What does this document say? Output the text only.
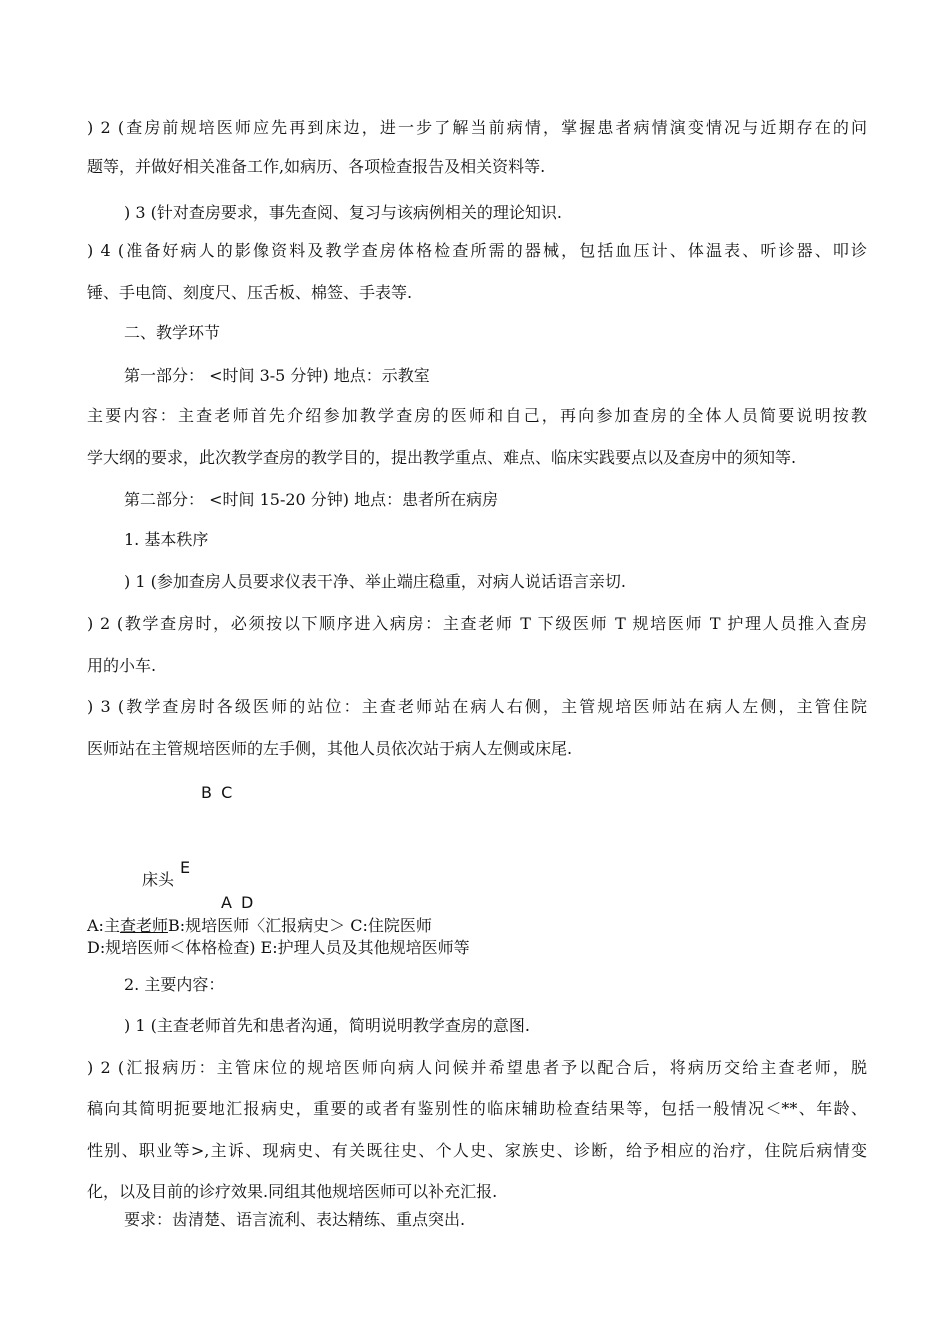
) 2 (查房前规培医师应先再到床边，进一步了解当前病情，掌握患者病情演变情况与近期存在的问
题等，并做好相关准备工作,如病历、各项检查报告及相关资料等.
) 3 (针对查房要求，事先查阅、复习与该病例相关的理论知识.
) 4 (准备好病人的影像资料及教学查房体格检查所需的器械，包括血压计、体温表、听诊器、叩诊
锤、手电筒、刻度尺、压舌板、棉签、手表等.
二、教学环节
第一部分： <时间 3-5 分钟) 地点：示教室
主要内容：主查老师首先介绍参加教学查房的医师和自己，再向参加查房的全体人员简要说明按教
学大纲的要求，此次教学查房的教学目的，提出教学重点、难点、临床实践要点以及查房中的须知等.
第二部分： <时间 15-20 分钟) 地点：患者所在病房
1. 基本秩序
) 1 (参加查房人员要求仪表干净、举止端庄稳重，对病人说话语言亲切.
) 2 (教学查房时，必须按以下顺序进入病房：主查老师 T 下级医师 T 规培医师 T 护理人员推入查房
用的小车.
) 3 (教学查房时各级医师的站位：主查老师站在病人右侧，主管规培医师站在病人左侧，主管住院
医师站在主管规培医师的左手侧，其他人员依次站于病人左侧或床尾.
B C
床头
E
A D
A:主查老师B:规培医师〈汇报病史＞ C:住院医师
D:规培医师＜体格检查) E:护理人员及其他规培医师等
2. 主要内容：
) 1 (主查老师首先和患者沟通，简明说明教学查房的意图.
) 2 (汇报病历：主管床位的规培医师向病人问候并希望患者予以配合后，将病历交给主查老师，脱
稿向其简明扼要地汇报病史，重要的或者有鉴别性的临床辅助检查结果等，包括一般情况＜**、年龄、
性别、职业等>,主诉、现病史、有关既往史、个人史、家族史、诊断，给予相应的治疗，住院后病情变
化，以及目前的诊疗效果.同组其他规培医师可以补充汇报.
要求：齿清楚、语言流利、表达精练、重点突出.
